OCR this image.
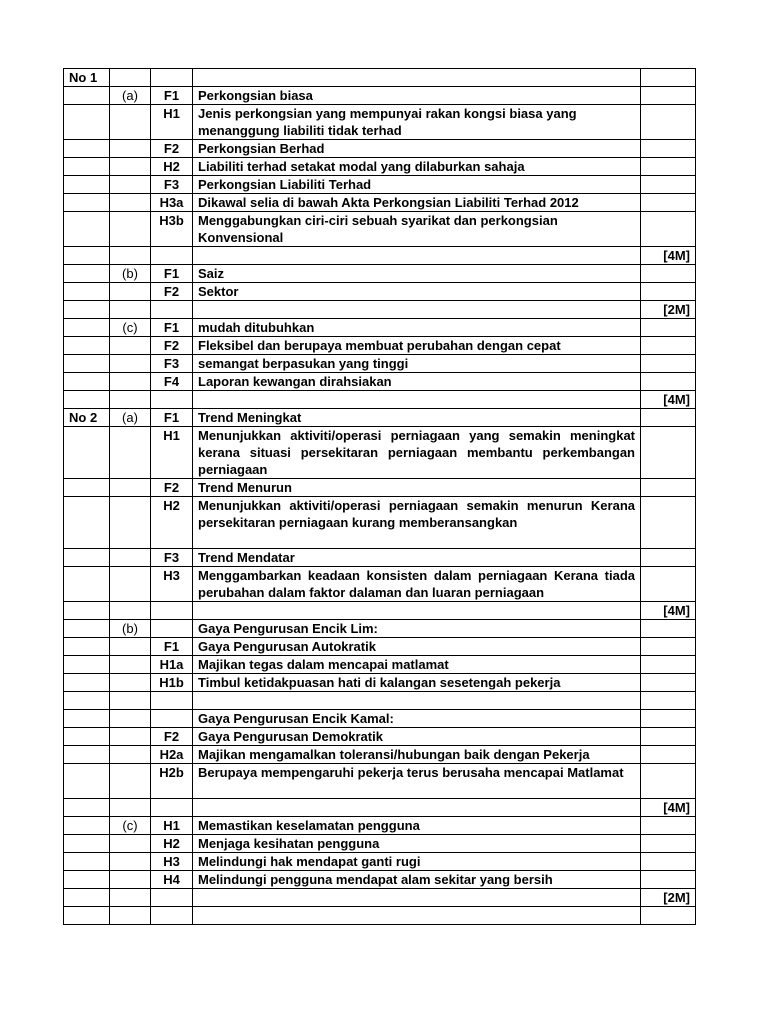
No 1				
	(a)	F1	Perkongsian biasa	
		H1	Jenis perkongsian yang mempunyai rakan kongsi biasa yang menanggung liabiliti tidak terhad	
		F2	Perkongsian Berhad	
		H2	Liabiliti terhad setakat modal yang dilaburkan sahaja	
		F3	Perkongsian Liabiliti Terhad	
		H3a	Dikawal selia di bawah Akta Perkongsian Liabiliti Terhad 2012	
		H3b	Menggabungkan ciri-ciri sebuah syarikat dan perkongsian Konvensional	
				[4M]
	(b)	F1	Saiz	
		F2	Sektor	
				[2M]
	(c)	F1	mudah ditubuhkan	
		F2	Fleksibel dan berupaya membuat perubahan dengan cepat	
		F3	semangat berpasukan yang tinggi	
		F4	Laporan kewangan dirahsiakan	
				[4M]
No 2	(a)	F1	Trend Meningkat	
		H1	Menunjukkan aktiviti/operasi perniagaan yang semakin meningkat kerana situasi persekitaran perniagaan membantu perkembangan perniagaan	
		F2	Trend Menurun	
		H2	Menunjukkan aktiviti/operasi perniagaan semakin menurun Kerana persekitaran perniagaan kurang memberansangkan	
		F3	Trend Mendatar	
		H3	Menggambarkan keadaan konsisten dalam perniagaan Kerana tiada perubahan dalam faktor dalaman dan luaran perniagaan	
				[4M]
	(b)		Gaya Pengurusan Encik Lim:	
		F1	Gaya Pengurusan Autokratik	
		H1a	Majikan tegas dalam mencapai matlamat	
		H1b	Timbul ketidakpuasan hati di kalangan sesetengah pekerja	

			Gaya Pengurusan Encik Kamal:	
		F2	Gaya Pengurusan Demokratik	
		H2a	Majikan mengamalkan toleransi/hubungan baik dengan Pekerja	
		H2b	Berupaya mempengaruhi pekerja terus berusaha mencapai Matlamat	
				[4M]
	(c)	H1	Memastikan keselamatan pengguna	
		H2	Menjaga kesihatan pengguna	
		H3	Melindungi hak mendapat ganti rugi	
		H4	Melindungi pengguna mendapat alam sekitar yang bersih	
				[2M]
